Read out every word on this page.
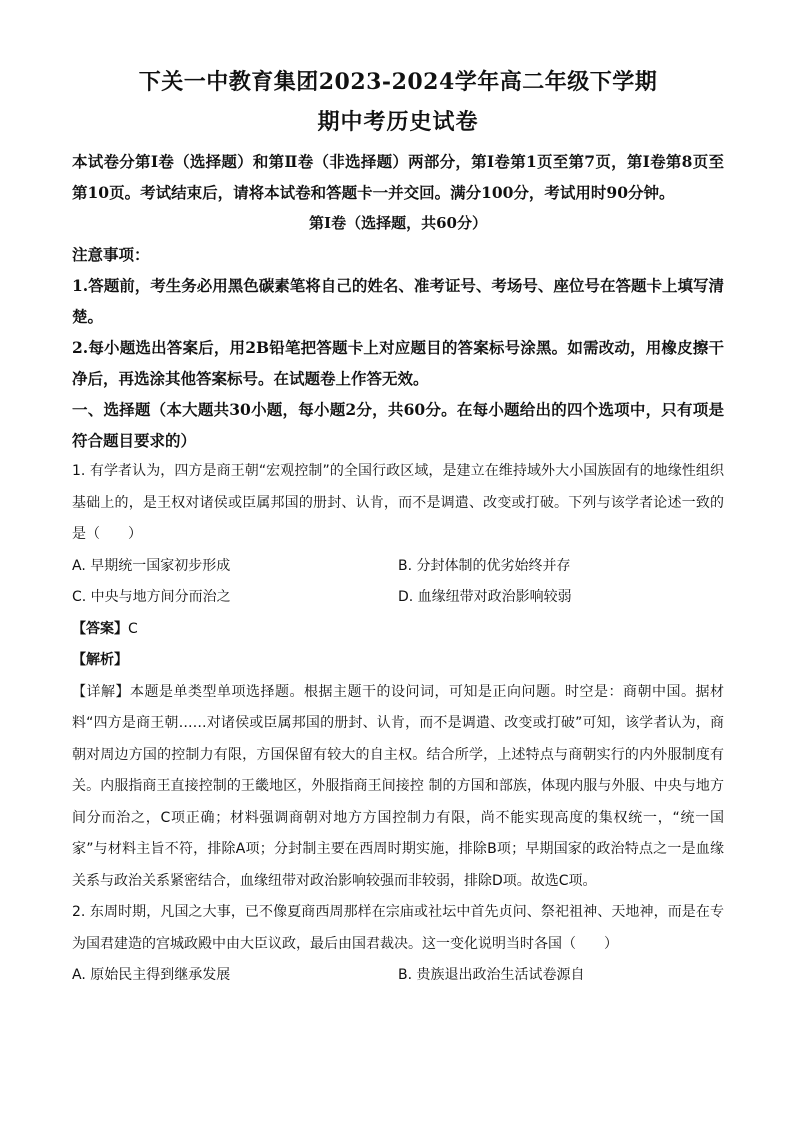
下关一中教育集团2023-2024学年高二年级下学期

期中考历史试卷

本试卷分第Ⅰ卷（选择题）和第Ⅱ卷（非选择题）两部分，第Ⅰ卷第1页至第7页，第Ⅰ卷第8页至第10页。考试结束后，请将本试卷和答题卡一并交回。满分100分，考试用时90分钟。

第Ⅰ卷（选择题，共60分）

注意事项：

1.答题前，考生务必用黑色碳素笔将自己的姓名、准考证号、考场号、座位号在答题卡上填写清楚。

2.每小题选出答案后，用2B铅笔把答题卡上对应题目的答案标号涂黑。如需改动，用橡皮擦干净后，再选涂其他答案标号。在试题卷上作答无效。

一、选择题（本大题共30小题，每小题2分，共60分。在每小题给出的四个选项中，只有项是符合题目要求的）

1. 有学者认为，四方是商王朝“宏观控制”的全国行政区域，是建立在维持域外大小国族固有的地缘性组织基础上的，是王权对诸侯或臣属邦国的册封、认肯，而不是调遣、改变或打破。下列与该学者论述一致的是（　　）

A. 早期统一国家初步形成	B. 分封体制的优劣始终并存
C. 中央与地方间分而治之	D. 血缘纽带对政治影响较弱

【答案】C

【解析】

【详解】本题是单类型单项选择题。根据主题干的设问词，可知是正向问题。时空是：商朝中国。据材料“四方是商王朝……对诸侯或臣属邦国的册封、认肯，而不是调遣、改变或打破”可知，该学者认为，商朝对周边方国的控制力有限，方国保留有较大的自主权。结合所学，上述特点与商朝实行的内外服制度有关。内服指商王直接控制的王畿地区，外服指商王间接控 制的方国和部族，体现内服与外服、中央与地方间分而治之，C项正确；材料强调商朝对地方方国控制力有限，尚不能实现高度的集权统一，“统一国家”与材料主旨不符，排除A项；分封制主要在西周时期实施，排除B项；早期国家的政治特点之一是血缘关系与政治关系紧密结合，血缘纽带对政治影响较强而非较弱，排除D项。故选C项。

2. 东周时期，凡国之大事，已不像夏商西周那样在宗庙或社坛中首先贞问、祭祀祖神、天地神，而是在专为国君建造的宫城政殿中由大臣议政，最后由国君裁决。这一变化说明当时各国（　　）

A. 原始民主得到继承发展	B. 贵族退出政治生活试卷源自
